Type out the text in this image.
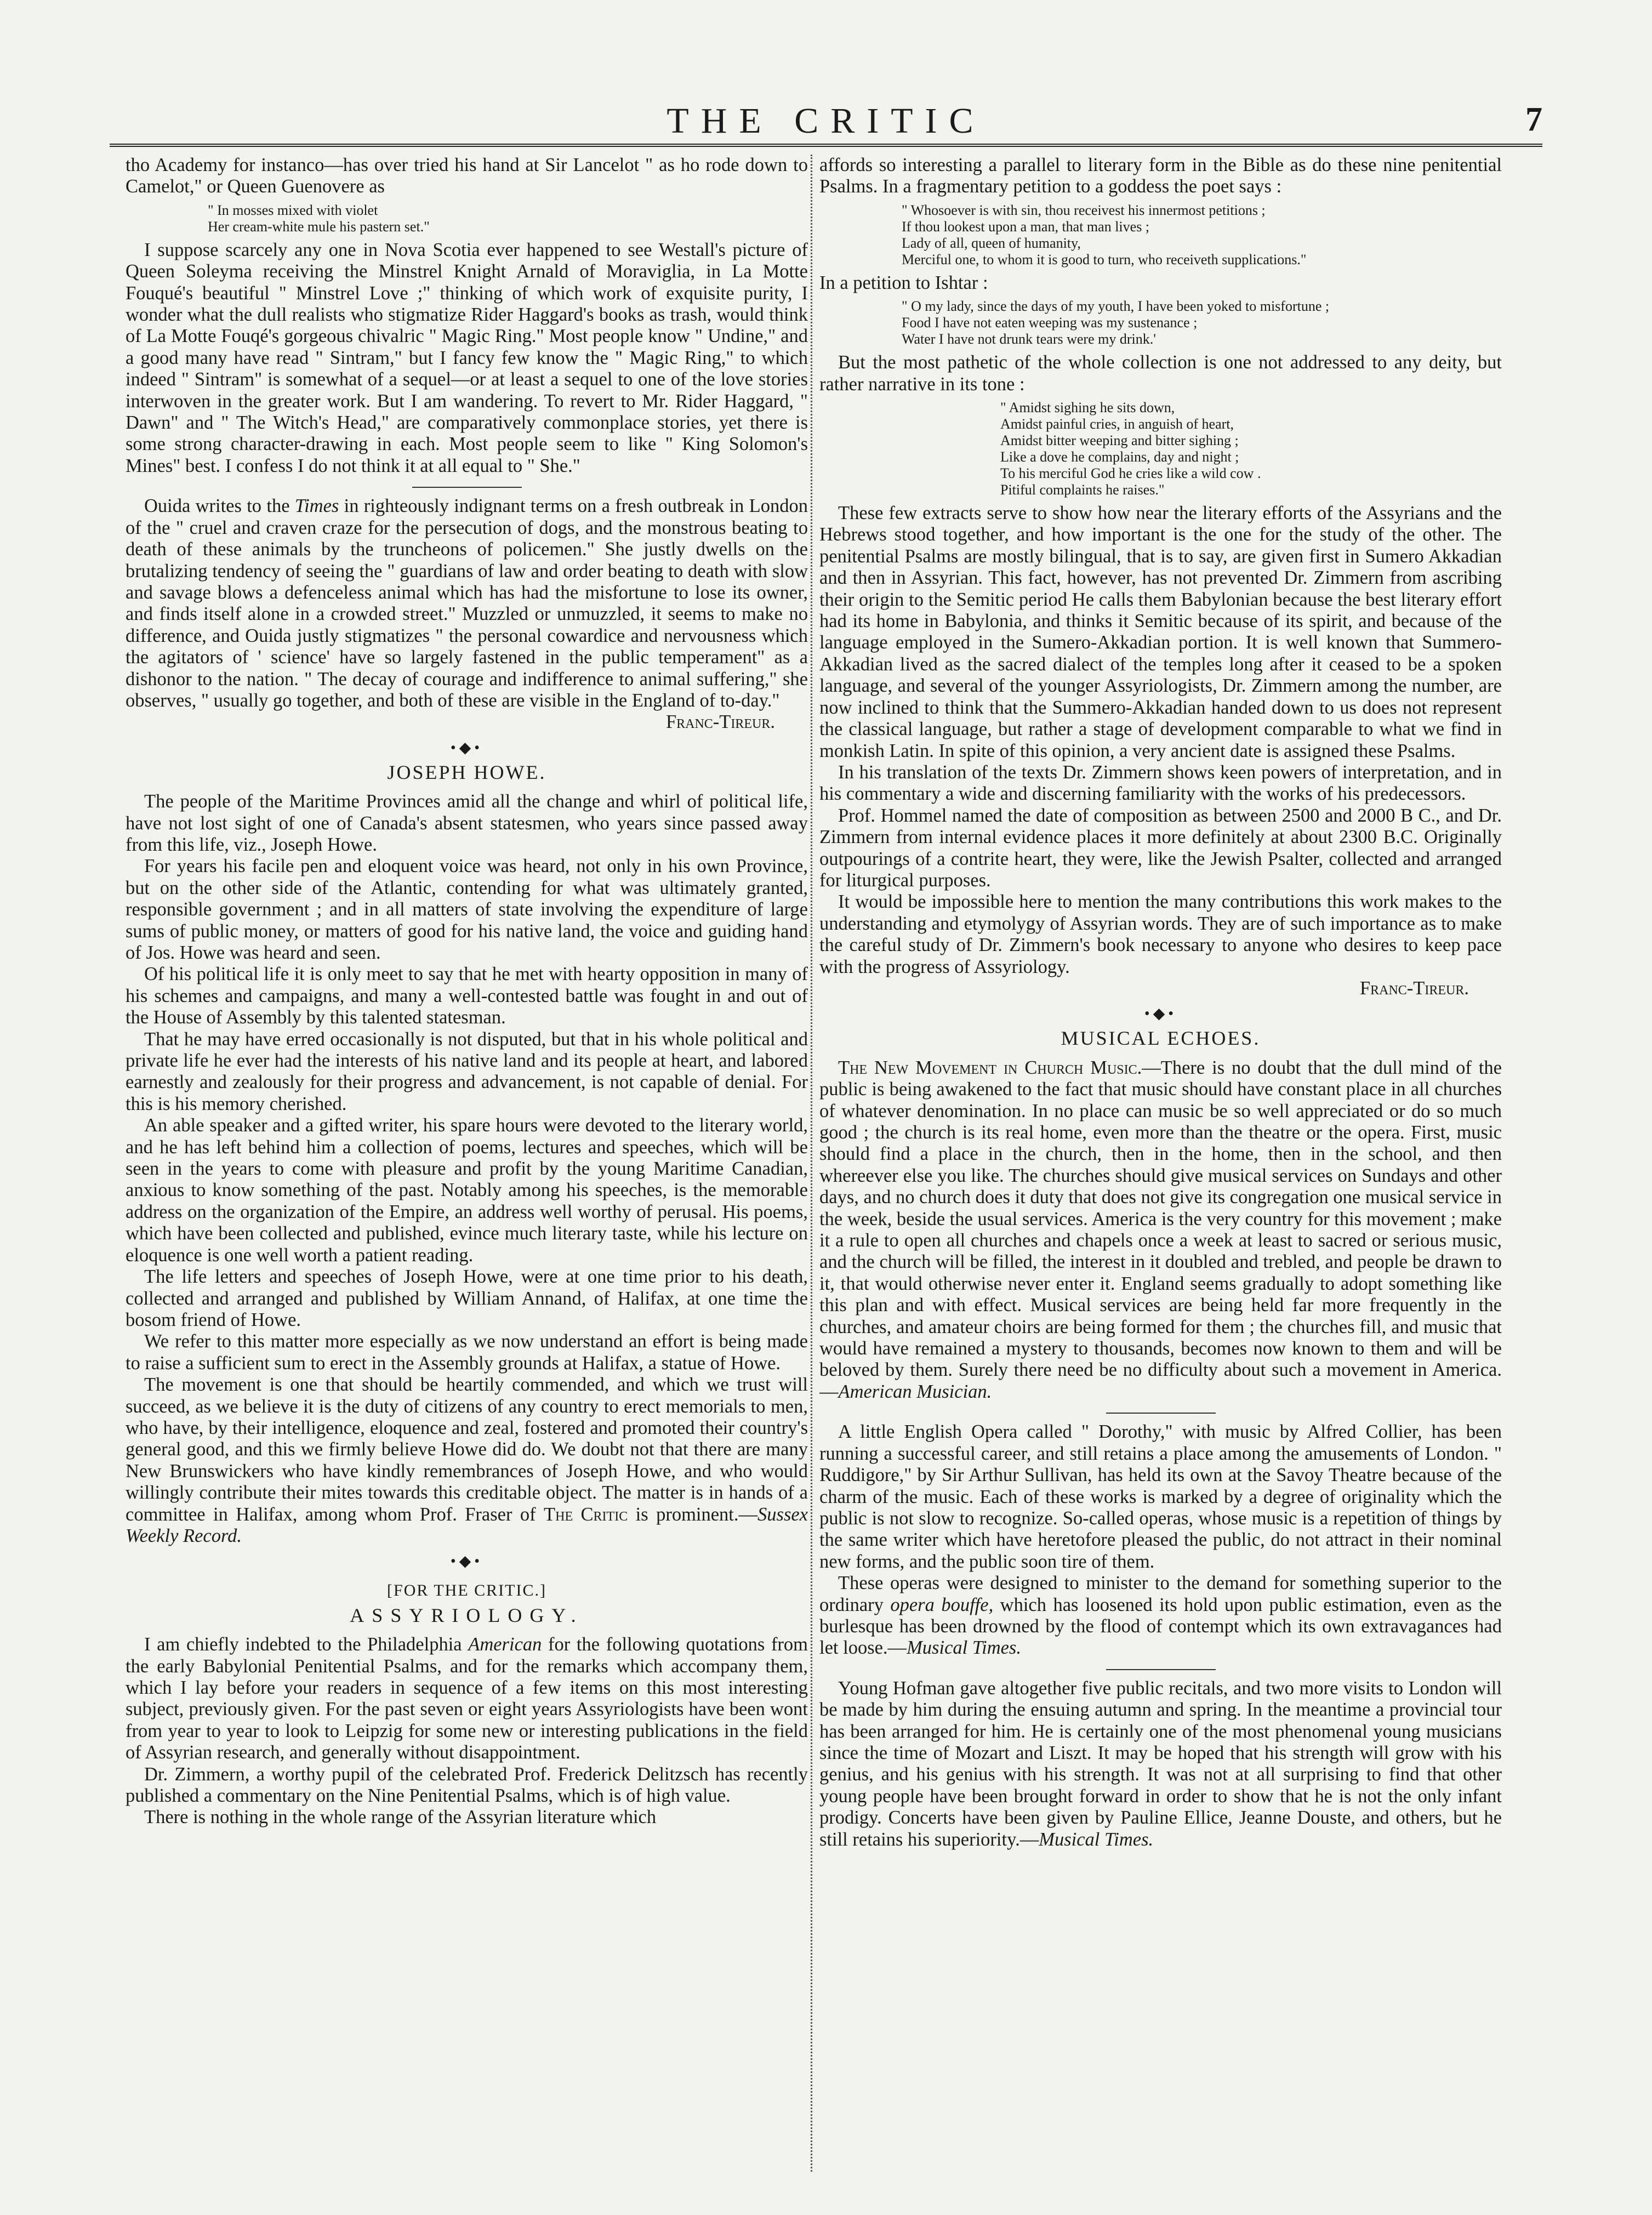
THE CRITIC	7

tho Academy for instanco—has over tried his hand at Sir Lancelot " as ho rode down to Camelot," or Queen Guenovere as

" In mosses mixed with violet
Her cream-white mule his pastern set."

I suppose scarcely any one in Nova Scotia ever happened to see Westall's picture of Queen Soleyma receiving the Minstrel Knight Arnald of Moraviglia, in La Motte Fouqué's beautiful " Minstrel Love ;" thinking of which work of exquisite purity, I wonder what the dull realists who stigmatize Rider Haggard's books as trash, would think of La Motte Fouqé's gorgeous chivalric " Magic Ring." Most people know " Undine," and a good many have read " Sintram," but I fancy few know the " Magic Ring," to which indeed " Sintram" is somewhat of a sequel—or at least a sequel to one of the love stories interwoven in the greater work. But I am wandering. To revert to Mr. Rider Haggard, " Dawn" and " The Witch's Head," are comparatively commonplace stories, yet there is some strong character-drawing in each. Most people seem to like " King Solomon's Mines" best. I confess I do not think it at all equal to " She."

Ouida writes to the Times in righteously indignant terms on a fresh outbreak in London of the " cruel and craven craze for the persecution of dogs, and the monstrous beating to death of these animals by the truncheons of policemen." She justly dwells on the brutalizing tendency of seeing the " guardians of law and order beating to death with slow and savage blows a defenceless animal which has had the misfortune to lose its owner, and finds itself alone in a crowded street." Muzzled or unmuzzled, it seems to make no difference, and Ouida justly stigmatizes " the personal cowardice and nervousness which the agitators of ' science' have so largely fastened in the public temperament" as a dishonor to the nation. " The decay of courage and indifference to animal suffering," she observes, " usually go together, and both of these are visible in the England of to-day."

Franc-Tireur.
•◆•
JOSEPH HOWE.

The people of the Maritime Provinces amid all the change and whirl of political life, have not lost sight of one of Canada's absent statesmen, who years since passed away from this life, viz., Joseph Howe.

For years his facile pen and eloquent voice was heard, not only in his own Province, but on the other side of the Atlantic, contending for what was ultimately granted, responsible government ; and in all matters of state involving the expenditure of large sums of public money, or matters of good for his native land, the voice and guiding hand of Jos. Howe was heard and seen.

Of his political life it is only meet to say that he met with hearty opposition in many of his schemes and campaigns, and many a well-contested battle was fought in and out of the House of Assembly by this talented statesman.

That he may have erred occasionally is not disputed, but that in his whole political and private life he ever had the interests of his native land and its people at heart, and labored earnestly and zealously for their progress and advancement, is not capable of denial. For this is his memory cherished.

An able speaker and a gifted writer, his spare hours were devoted to the literary world, and he has left behind him a collection of poems, lectures and speeches, which will be seen in the years to come with pleasure and profit by the young Maritime Canadian, anxious to know something of the past. Notably among his speeches, is the memorable address on the organization of the Empire, an address well worthy of perusal. His poems, which have been collected and published, evince much literary taste, while his lecture on eloquence is one well worth a patient reading.

The life letters and speeches of Joseph Howe, were at one time prior to his death, collected and arranged and published by William Annand, of Halifax, at one time the bosom friend of Howe.

We refer to this matter more especially as we now understand an effort is being made to raise a sufficient sum to erect in the Assembly grounds at Halifax, a statue of Howe.

The movement is one that should be heartily commended, and which we trust will succeed, as we believe it is the duty of citizens of any country to erect memorials to men, who have, by their intelligence, eloquence and zeal, fostered and promoted their country's general good, and this we firmly believe Howe did do. We doubt not that there are many New Brunswickers who have kindly remembrances of Joseph Howe, and who would willingly contribute their mites towards this creditable object. The matter is in hands of a committee in Halifax, among whom Prof. Fraser of The Critic is prominent.—Sussex Weekly Record.

•◆•
[FOR THE CRITIC.]
ASSYRIOLOGY.

I am chiefly indebted to the Philadelphia American for the following quotations from the early Babylonial Penitential Psalms, and for the remarks which accompany them, which I lay before your readers in sequence of a few items on this most interesting subject, previously given. For the past seven or eight years Assyriologists have been wont from year to year to look to Leipzig for some new or interesting publications in the field of Assyrian research, and generally without disappointment.

Dr. Zimmern, a worthy pupil of the celebrated Prof. Frederick Delitzsch has recently published a commentary on the Nine Penitential Psalms, which is of high value.

There is nothing in the whole range of the Assyrian literature which

affords so interesting a parallel to literary form in the Bible as do these nine penitential Psalms. In a fragmentary petition to a goddess the poet says :

" Whosoever is with sin, thou receivest his innermost petitions ;
If thou lookest upon a man, that man lives ;
Lady of all, queen of humanity,
Merciful one, to whom it is good to turn, who receiveth supplications."

In a petition to Ishtar :

" O my lady, since the days of my youth, I have been yoked to misfortune ;
Food I have not eaten weeping was my sustenance ;
Water I have not drunk tears were my drink.'

But the most pathetic of the whole collection is one not addressed to any deity, but rather narrative in its tone :

" Amidst sighing he sits down,
Amidst painful cries, in anguish of heart,
Amidst bitter weeping and bitter sighing ;
Like a dove he complains, day and night ;
To his merciful God he cries like a wild cow .
Pitiful complaints he raises."

These few extracts serve to show how near the literary efforts of the Assyrians and the Hebrews stood together, and how important is the one for the study of the other. The penitential Psalms are mostly bilingual, that is to say, are given first in Sumero Akkadian and then in Assyrian. This fact, however, has not prevented Dr. Zimmern from ascribing their origin to the Semitic period He calls them Babylonian because the best literary effort had its home in Babylonia, and thinks it Semitic because of its spirit, and because of the language employed in the Sumero-Akkadian portion. It is well known that Summero-Akkadian lived as the sacred dialect of the temples long after it ceased to be a spoken language, and several of the younger Assyriologists, Dr. Zimmern among the number, are now inclined to think that the Summero-Akkadian handed down to us does not represent the classical language, but rather a stage of development comparable to what we find in monkish Latin. In spite of this opinion, a very ancient date is assigned these Psalms.

In his translation of the texts Dr. Zimmern shows keen powers of interpretation, and in his commentary a wide and discerning familiarity with the works of his predecessors.

Prof. Hommel named the date of composition as between 2500 and 2000 B C., and Dr. Zimmern from internal evidence places it more definitely at about 2300 B.C. Originally outpourings of a contrite heart, they were, like the Jewish Psalter, collected and arranged for liturgical purposes.

It would be impossible here to mention the many contributions this work makes to the understanding and etymolygy of Assyrian words. They are of such importance as to make the careful study of Dr. Zimmern's book necessary to anyone who desires to keep pace with the progress of Assyriology.

Franc-Tireur.
•◆•
MUSICAL ECHOES.

The New Movement in Church Music.—There is no doubt that the dull mind of the public is being awakened to the fact that music should have constant place in all churches of whatever denomination. In no place can music be so well appreciated or do so much good ; the church is its real home, even more than the theatre or the opera. First, music should find a place in the church, then in the home, then in the school, and then whereever else you like. The churches should give musical services on Sundays and other days, and no church does it duty that does not give its congregation one musical service in the week, beside the usual services. America is the very country for this movement ; make it a rule to open all churches and chapels once a week at least to sacred or serious music, and the church will be filled, the interest in it doubled and trebled, and people be drawn to it, that would otherwise never enter it. England seems gradually to adopt something like this plan and with effect. Musical services are being held far more frequently in the churches, and amateur choirs are being formed for them ; the churches fill, and music that would have remained a mystery to thousands, becomes now known to them and will be beloved by them. Surely there need be no difficulty about such a movement in America.—American Musician.

A little English Opera called " Dorothy," with music by Alfred Collier, has been running a successful career, and still retains a place among the amusements of London. " Ruddigore," by Sir Arthur Sullivan, has held its own at the Savoy Theatre because of the charm of the music. Each of these works is marked by a degree of originality which the public is not slow to recognize. So-called operas, whose music is a repetition of things by the same writer which have heretofore pleased the public, do not attract in their nominal new forms, and the public soon tire of them.

These operas were designed to minister to the demand for something superior to the ordinary opera bouffe, which has loosened its hold upon public estimation, even as the burlesque has been drowned by the flood of contempt which its own extravagances had let loose.—Musical Times.

Young Hofman gave altogether five public recitals, and two more visits to London will be made by him during the ensuing autumn and spring. In the meantime a provincial tour has been arranged for him. He is certainly one of the most phenomenal young musicians since the time of Mozart and Liszt. It may be hoped that his strength will grow with his genius, and his genius with his strength. It was not at all surprising to find that other young people have been brought forward in order to show that he is not the only infant prodigy. Concerts have been given by Pauline Ellice, Jeanne Douste, and others, but he still retains his superiority.—Musical Times.
